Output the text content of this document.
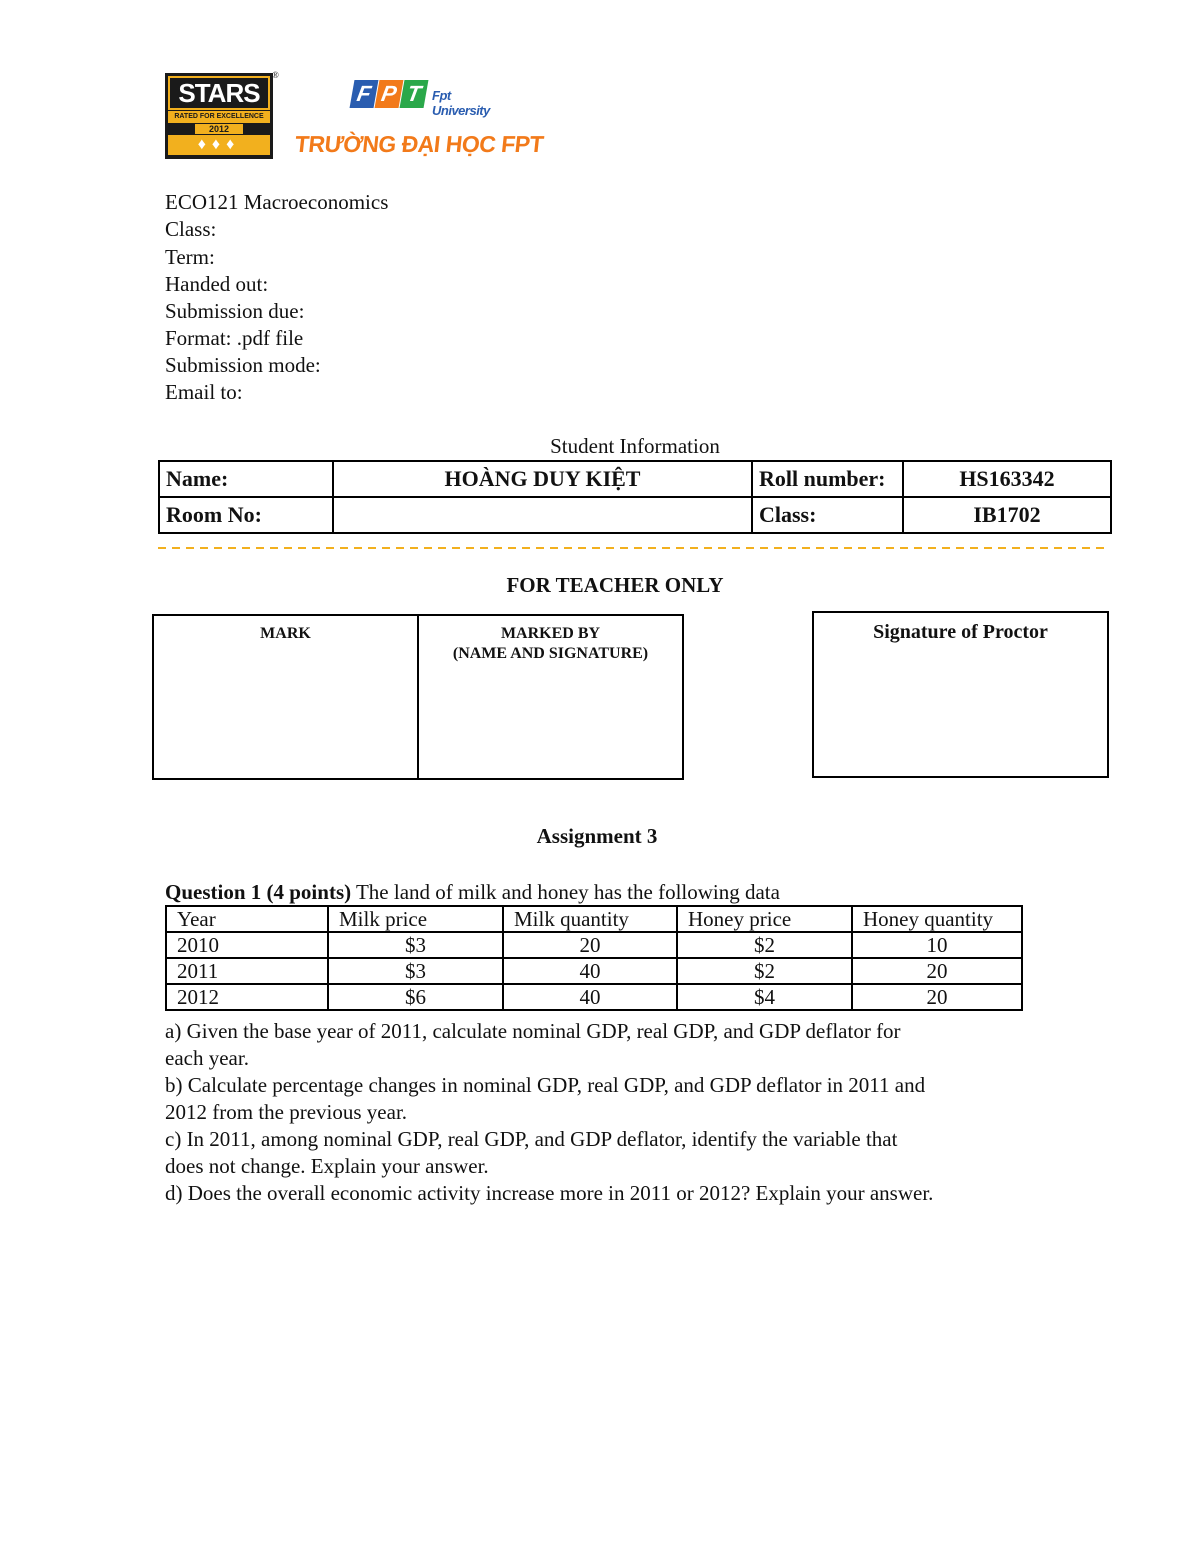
STARS
RATED FOR EXCELLENCE
2012
♦♦♦
®
F P T Fpt University
TRƯỜNG ĐẠI HỌC FPT
ECO121 Macroeconomics
Class:
Term:
Handed out:
Submission due:
Format: .pdf file
Submission mode:
Email to:
Student Information
Name:	HOÀNG DUY KIỆT	Roll number:	HS163342
Room No:		Class:	IB1702
FOR TEACHER ONLY
MARK	MARKED BY
(NAME AND SIGNATURE)
Signature of Proctor
Assignment 3
Question 1 (4 points) The land of milk and honey has the following data
Year	Milk price	Milk quantity	Honey price	Honey quantity
2010	$3	20	$2	10
2011	$3	40	$2	20
2012	$6	40	$4	20
a) Given the base year of 2011, calculate nominal GDP, real GDP, and GDP deflator for
each year.
b) Calculate percentage changes in nominal GDP, real GDP, and GDP deflator in 2011 and
2012 from the previous year.
c) In 2011, among nominal GDP, real GDP, and GDP deflator, identify the variable that
does not change. Explain your answer.
d) Does the overall economic activity increase more in 2011 or 2012? Explain your answer.
